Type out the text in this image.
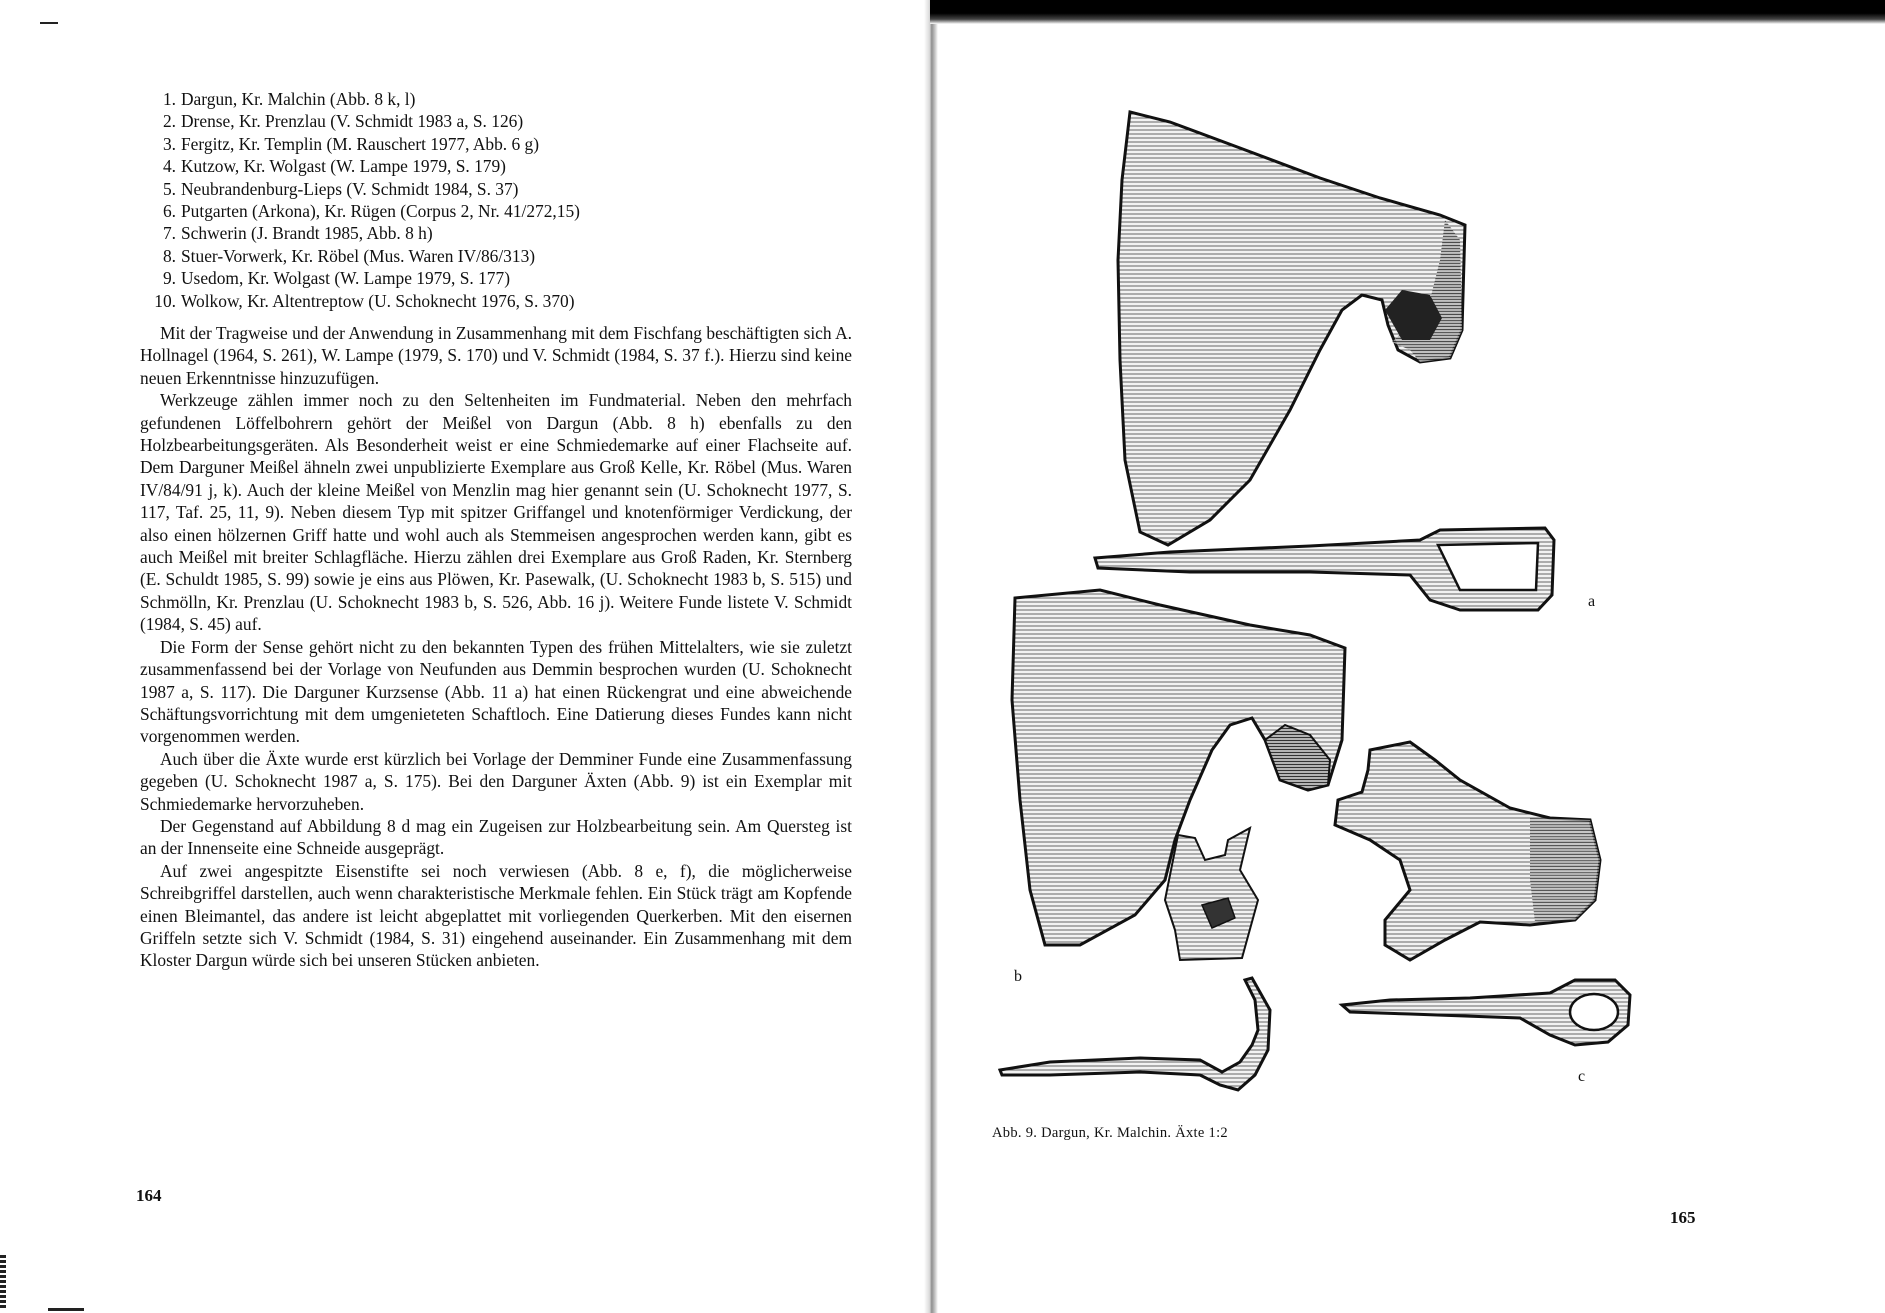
1. Dargun, Kr. Malchin (Abb. 8 k, l)
2. Drense, Kr. Prenzlau (V. Schmidt 1983 a, S. 126)
3. Fergitz, Kr. Templin (M. Rauschert 1977, Abb. 6 g)
4. Kutzow, Kr. Wolgast (W. Lampe 1979, S. 179)
5. Neubrandenburg-Lieps (V. Schmidt 1984, S. 37)
6. Putgarten (Arkona), Kr. Rügen (Corpus 2, Nr. 41/272,15)
7. Schwerin (J. Brandt 1985, Abb. 8 h)
8. Stuer-Vorwerk, Kr. Röbel (Mus. Waren IV/86/313)
9. Usedom, Kr. Wolgast (W. Lampe 1979, S. 177)
10. Wolkow, Kr. Altentreptow (U. Schoknecht 1976, S. 370)

Mit der Tragweise und der Anwendung in Zusammenhang mit dem Fischfang beschäftigten sich A. Hollnagel (1964, S. 261), W. Lampe (1979, S. 170) und V. Schmidt (1984, S. 37 f.). Hierzu sind keine neuen Erkenntnisse hinzuzufügen.

Werkzeuge zählen immer noch zu den Seltenheiten im Fundmaterial. Neben den mehrfach gefundenen Löffelbohrern gehört der Meißel von Dargun (Abb. 8 h) ebenfalls zu den Holzbearbeitungsgeräten. Als Besonderheit weist er eine Schmiedemarke auf einer Flachseite auf. Dem Darguner Meißel ähneln zwei unpublizierte Exemplare aus Groß Kelle, Kr. Röbel (Mus. Waren IV/84/91 j, k). Auch der kleine Meißel von Menzlin mag hier genannt sein (U. Schoknecht 1977, S. 117, Taf. 25, 11, 9). Neben diesem Typ mit spitzer Griffangel und knotenförmiger Verdickung, der also einen hölzernen Griff hatte und wohl auch als Stemmeisen angesprochen werden kann, gibt es auch Meißel mit breiter Schlagfläche. Hierzu zählen drei Exemplare aus Groß Raden, Kr. Sternberg (E. Schuldt 1985, S. 99) sowie je eins aus Plöwen, Kr. Pasewalk, (U. Schoknecht 1983 b, S. 515) und Schmölln, Kr. Prenzlau (U. Schoknecht 1983 b, S. 526, Abb. 16 j). Weitere Funde listete V. Schmidt (1984, S. 45) auf.

Die Form der Sense gehört nicht zu den bekannten Typen des frühen Mittelalters, wie sie zuletzt zusammenfassend bei der Vorlage von Neufunden aus Demmin besprochen wurden (U. Schoknecht 1987 a, S. 117). Die Darguner Kurzsense (Abb. 11 a) hat einen Rückengrat und eine abweichende Schäftungsvorrichtung mit dem umgenieteten Schaftloch. Eine Datierung dieses Fundes kann nicht vorgenommen werden.

Auch über die Äxte wurde erst kürzlich bei Vorlage der Demminer Funde eine Zusammenfassung gegeben (U. Schoknecht 1987 a, S. 175). Bei den Darguner Äxten (Abb. 9) ist ein Exemplar mit Schmiedemarke hervorzuheben.

Der Gegenstand auf Abbildung 8 d mag ein Zugeisen zur Holzbearbeitung sein. Am Quersteg ist an der Innenseite eine Schneide ausgeprägt.

Auf zwei angespitzte Eisenstifte sei noch verwiesen (Abb. 8 e, f), die möglicherweise Schreibgriffel darstellen, auch wenn charakteristische Merkmale fehlen. Ein Stück trägt am Kopfende einen Bleimantel, das andere ist leicht abgeplattet mit vorliegenden Querkerben. Mit den eisernen Griffeln setzte sich V. Schmidt (1984, S. 31) eingehend auseinander. Ein Zusammenhang mit dem Kloster Dargun würde sich bei unseren Stücken anbieten.

164
a
b
c
Abb. 9. Dargun, Kr. Malchin. Äxte 1:2
165
